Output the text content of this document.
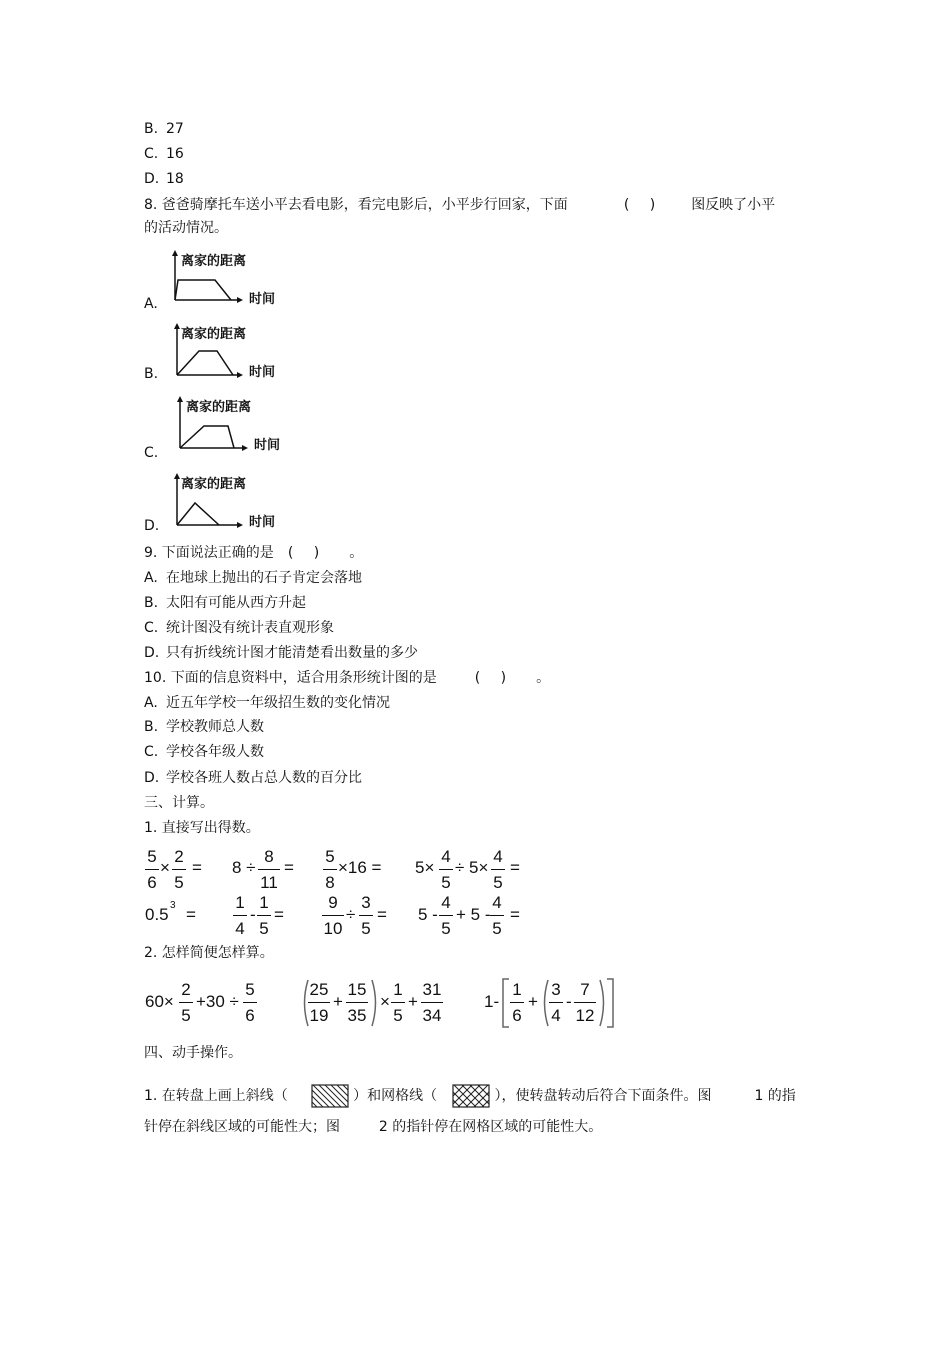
B. 27
C. 16
D. 18
8. 爸爸骑摩托车送小平去看电影，看完电影后，小平步行回家，下面	( ) 图反映了小平
的活动情况。
A.
离家的距离
时间
B.
离家的距离
时间
C.
离家的距离
时间
D.
离家的距离
时间
9. 下面说法正确的是 ( ) 。
A. 在地球上抛出的石子肯定会落地
B. 太阳有可能从西方升起
C. 统计图没有统计表直观形象
D. 只有折线统计图才能清楚看出数量的多少
10. 下面的信息资料中，适合用条形统计图的是	( ) 。
A. 近五年学校一年级招生数的变化情况
B. 学校教师总人数
C. 学校各年级人数
D. 学校各班人数占总人数的百分比
三、计算。
1. 直接写出得数。
5
6
×
2
5
= 8 ÷
8
11
=
5
8
×16 = 5×
4
5
÷ 5×
4
5
=
0.5 3 =
1
4
-
1
5
=
9
10
÷
3
5
= 5 -
4
5
+ 5 -
4
5
=
2. 怎样简便怎样算。
60×
2
5
+30 ÷
5
6
25
19
+
15
35
×
1
5
+
31
34
1-
1
6
+
3
4
-
7
12
四、动手操作。
1. 在转盘上画上斜线（	）和网格线（	），使转盘转动后符合下面条件。图	1 的指
针停在斜线区域的可能性大；图	2 的指针停在网格区域的可能性大。
